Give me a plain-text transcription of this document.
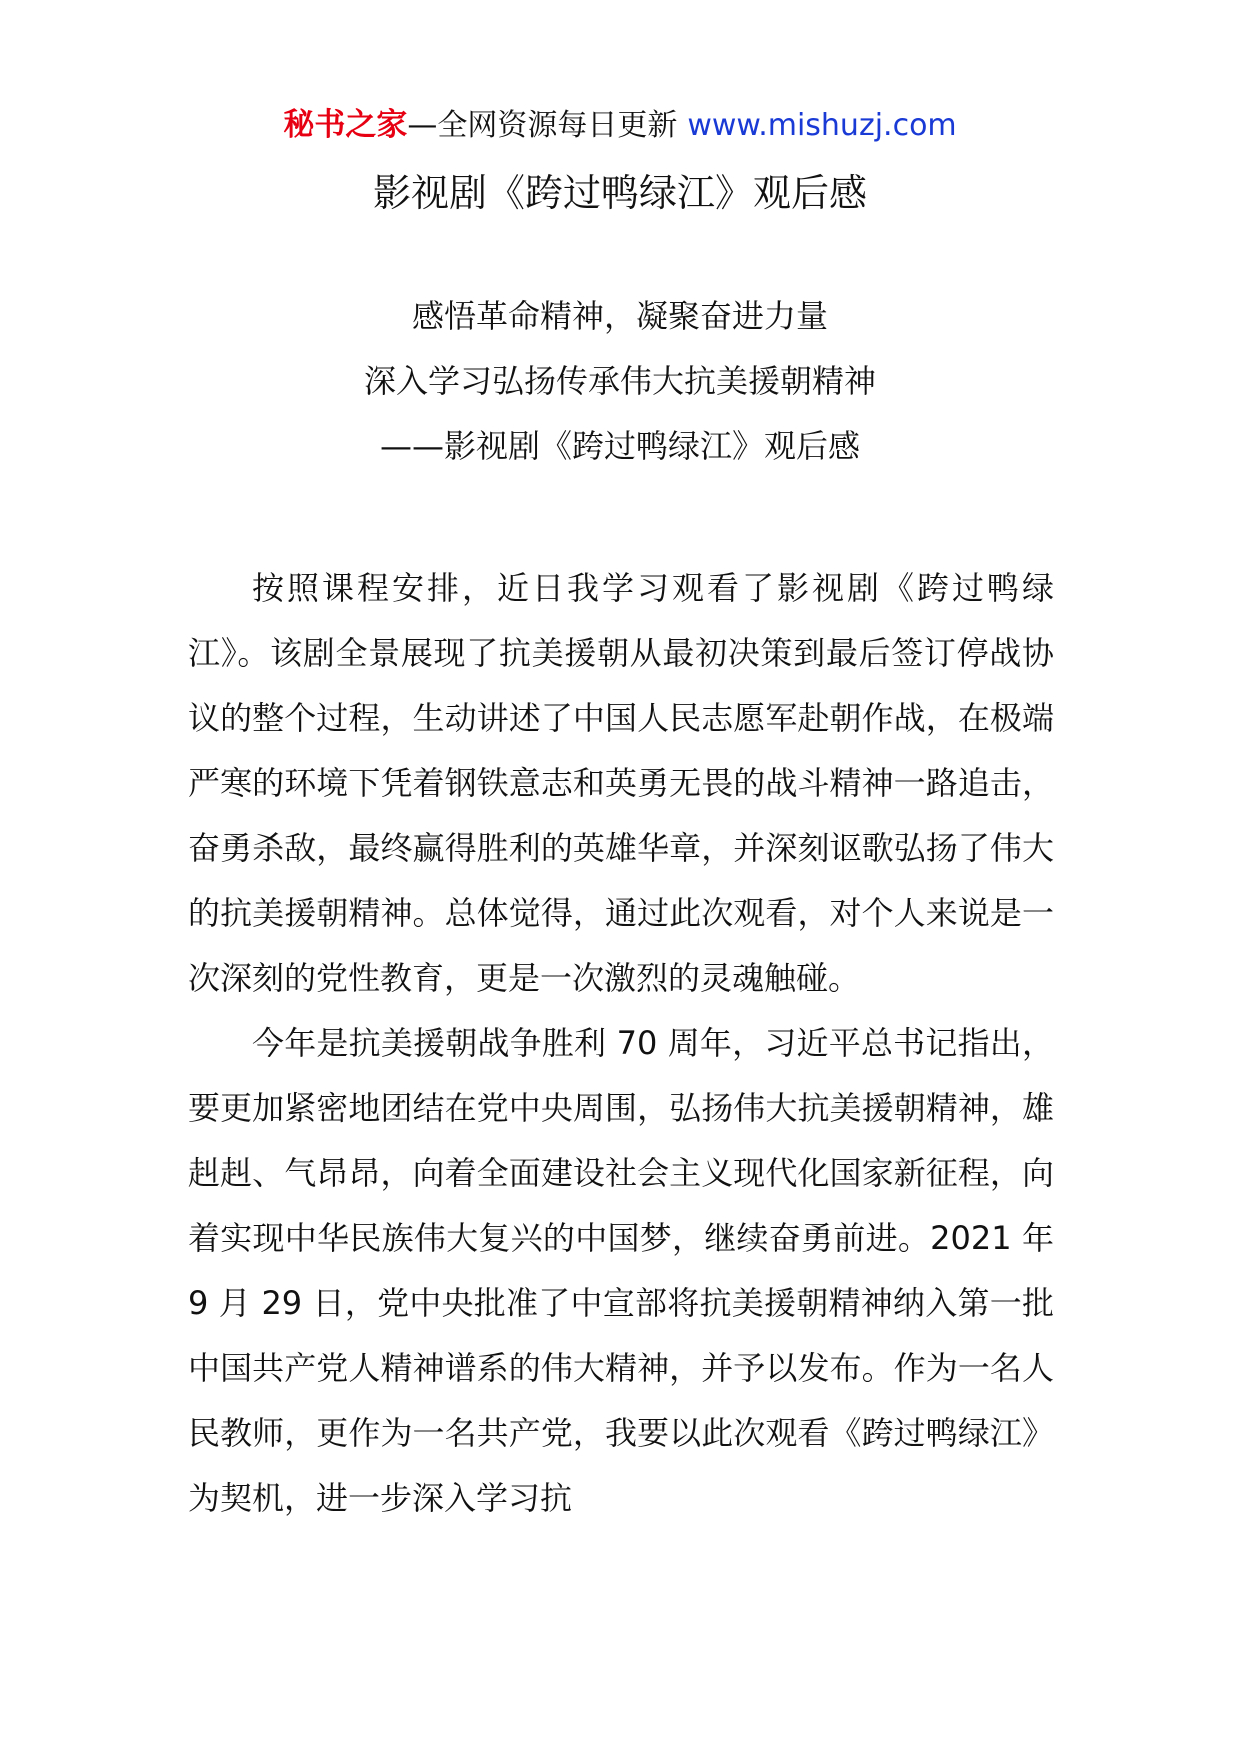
秘书之家—全网资源每日更新 www.mishuzj.com
影视剧《跨过鸭绿江》观后感
感悟革命精神，凝聚奋进力量
深入学习弘扬传承伟大抗美援朝精神
——影视剧《跨过鸭绿江》观后感

按照课程安排，近日我学习观看了影视剧《跨过鸭绿江》。该剧全景展现了抗美援朝从最初决策到最后签订停战协议的整个过程，生动讲述了中国人民志愿军赴朝作战，在极端严寒的环境下凭着钢铁意志和英勇无畏的战斗精神一路追击，奋勇杀敌，最终赢得胜利的英雄华章，并深刻讴歌弘扬了伟大的抗美援朝精神。总体觉得，通过此次观看，对个人来说是一次深刻的党性教育，更是一次激烈的灵魂触碰。

今年是抗美援朝战争胜利 70 周年，习近平总书记指出，要更加紧密地团结在党中央周围，弘扬伟大抗美援朝精神，雄赳赳、气昂昂，向着全面建设社会主义现代化国家新征程，向着实现中华民族伟大复兴的中国梦，继续奋勇前进。2021 年 9 月 29 日，党中央批准了中宣部将抗美援朝精神纳入第一批中国共产党人精神谱系的伟大精神，并予以发布。作为一名人民教师，更作为一名共产党，我要以此次观看《跨过鸭绿江》为契机，进一步深入学习抗
